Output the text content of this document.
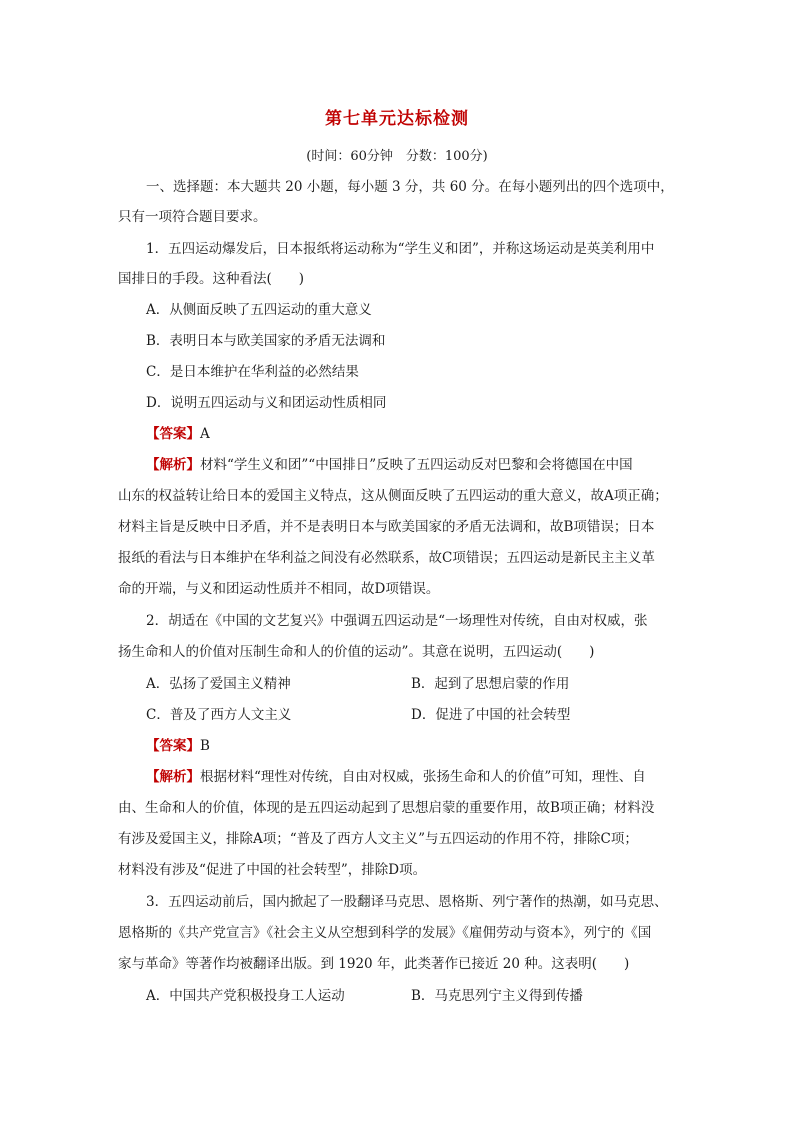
第七单元达标检测
(时间：60分钟　分数：100分)
一、选择题：本大题共 20 小题，每小题 3 分，共 60 分。在每小题列出的四个选项中，
只有一项符合题目要求。
1．五四运动爆发后，日本报纸将运动称为“学生义和团”，并称这场运动是英美利用中
国排日的手段。这种看法(　　)
A．从侧面反映了五四运动的重大意义
B．表明日本与欧美国家的矛盾无法调和
C．是日本维护在华利益的必然结果
D．说明五四运动与义和团运动性质相同
【答案】A
【解析】材料“学生义和团”“中国排日”反映了五四运动反对巴黎和会将德国在中国
山东的权益转让给日本的爱国主义特点，这从侧面反映了五四运动的重大意义，故A项正确；
材料主旨是反映中日矛盾，并不是表明日本与欧美国家的矛盾无法调和，故B项错误；日本
报纸的看法与日本维护在华利益之间没有必然联系，故C项错误；五四运动是新民主主义革
命的开端，与义和团运动性质并不相同，故D项错误。
2．胡适在《中国的文艺复兴》中强调五四运动是“一场理性对传统，自由对权威，张
扬生命和人的价值对压制生命和人的价值的运动”。其意在说明，五四运动(　　)
A．弘扬了爱国主义精神	B．起到了思想启蒙的作用
C．普及了西方人文主义	D．促进了中国的社会转型
【答案】B
【解析】根据材料“理性对传统，自由对权威，张扬生命和人的价值”可知，理性、自
由、生命和人的价值，体现的是五四运动起到了思想启蒙的重要作用，故B项正确；材料没
有涉及爱国主义，排除A项；“普及了西方人文主义”与五四运动的作用不符，排除C项；
材料没有涉及“促进了中国的社会转型”，排除D项。
3．五四运动前后，国内掀起了一股翻译马克思、恩格斯、列宁著作的热潮，如马克思、
恩格斯的《共产党宣言》《社会主义从空想到科学的发展》《雇佣劳动与资本》，列宁的《国
家与革命》等著作均被翻译出版。到 1920 年，此类著作已接近 20 种。这表明(　　)
A．中国共产党积极投身工人运动	B．马克思列宁主义得到传播
